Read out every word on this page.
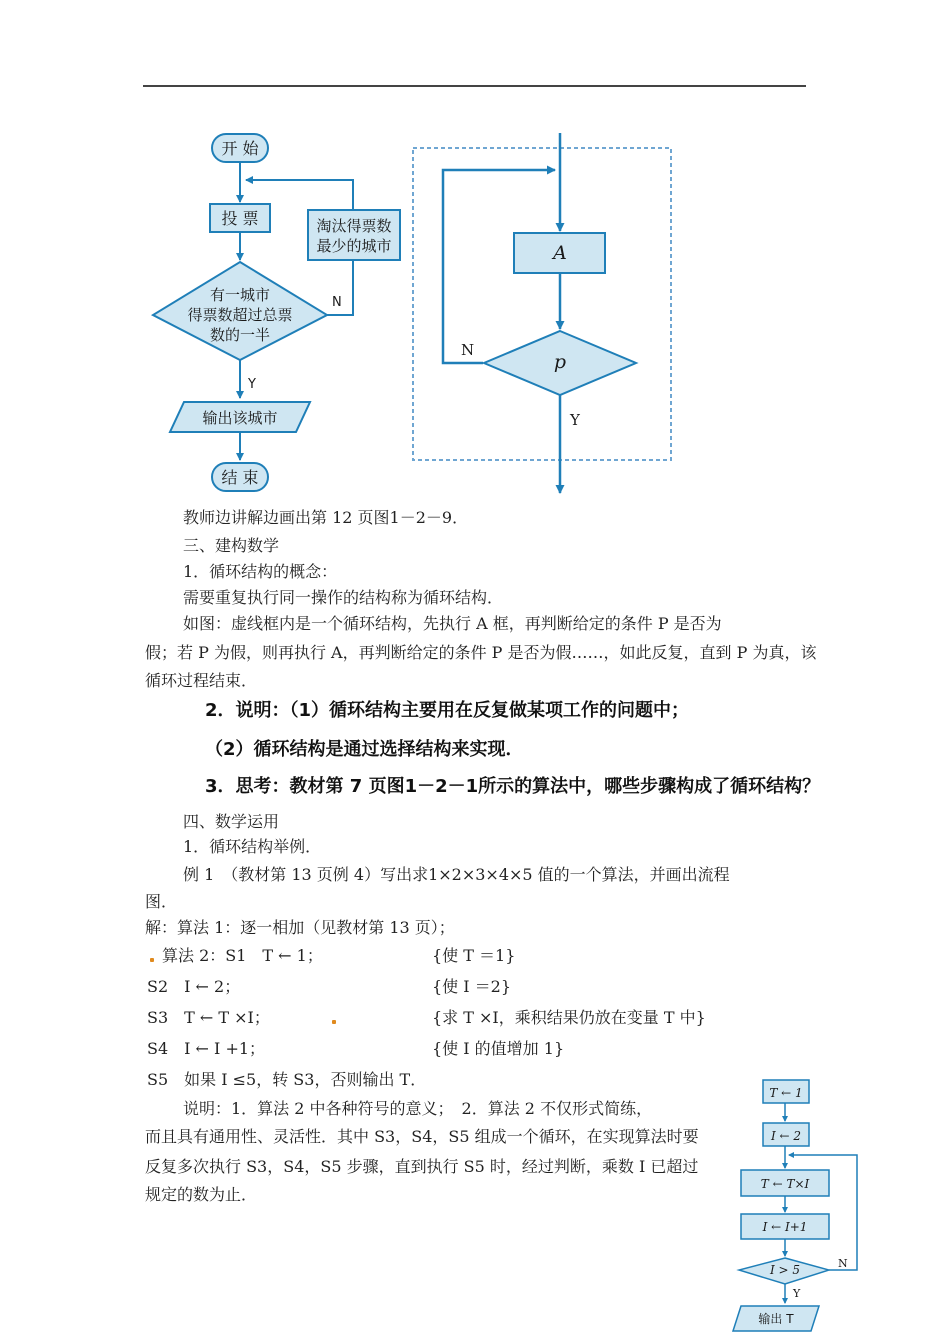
开 始
投 票	淘汰得票数
最少的城市
有一城市
得票数超过总票
数的一半
N
Y
输出该城市
结 束
A
p
N
Y
教师边讲解边画出第 12 页图1－2－9．
三、建构数学
1．循环结构的概念：
需要重复执行同一操作的结构称为循环结构．
如图：虚线框内是一个循环结构，先执行 A 框，再判断给定的条件 P 是否为
假；若 P 为假，则再执行 A，再判断给定的条件 P 是否为假……，如此反复，直到 P 为真，该
循环过程结束．
2．说明：（1）循环结构主要用在反复做某项工作的问题中；
（2）循环结构是通过选择结构来实现．
3．思考：教材第 7 页图1－2－1所示的算法中，哪些步骤构成了循环结构？
四、数学运用
1．循环结构举例．
例 1　（教材第 13 页例 4）写出求1×2×3×4×5 值的一个算法，并画出流程
图．
解：算法 1：逐一相加（见教材第 13 页）；
算法 2：S1　T ← 1；	{使 T ＝1}
S2　I ← 2；	{使 I ＝2}
S3　T ← T ×I；	{求 T ×I，乘积结果仍放在变量 T 中}
S4　I ← I +1；	{使 I 的值增加 1}
S5　如果 I ≤5，转 S3，否则输出 T．
说明：1．算法 2 中各种符号的意义；　2．算法 2 不仅形式简练，
而且具有通用性、灵活性．其中 S3，S4，S5 组成一个循环，在实现算法时要
反复多次执行 S3，S4，S5 步骤，直到执行 S5 时，经过判断，乘数 I 已超过
规定的数为止．
T ← 1
I ← 2
T ← T×I
I ← I+1
I > 5	N
Y
输出 T
